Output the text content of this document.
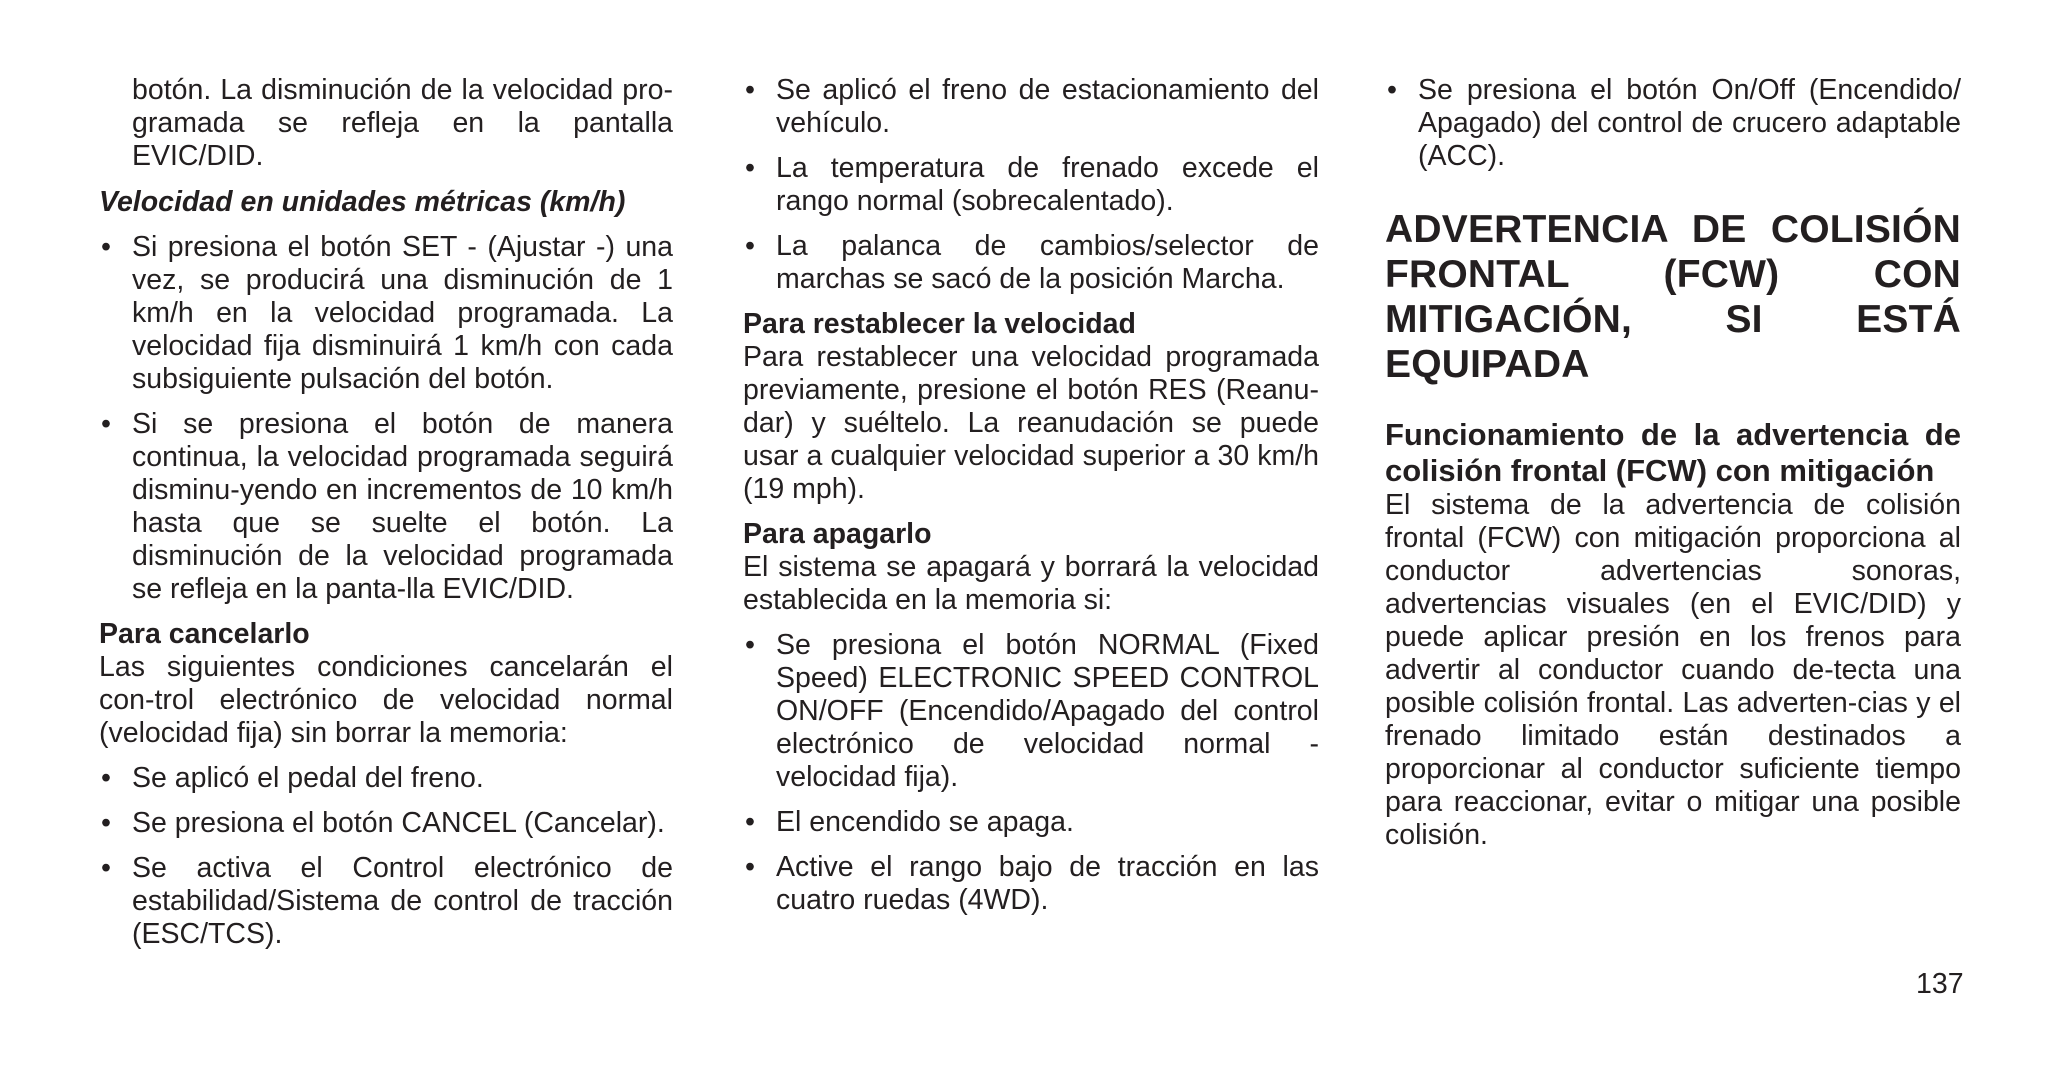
botón. La disminución de la velocidad pro-gramada se refleja en la pantalla EVIC/DID.

Velocidad en unidades métricas (km/h)

• Si presiona el botón SET - (Ajustar -) una vez, se producirá una disminución de 1 km/h en la velocidad programada. La velocidad fija disminuirá 1 km/h con cada subsiguiente pulsación del botón.

• Si se presiona el botón de manera continua, la velocidad programada seguirá disminu-yendo en incrementos de 10 km/h hasta que se suelte el botón. La disminución de la velocidad programada se refleja en la panta-lla EVIC/DID.

Para cancelarlo

Las siguientes condiciones cancelarán el con-trol electrónico de velocidad normal (velocidad fija) sin borrar la memoria:

• Se aplicó el pedal del freno.

• Se presiona el botón CANCEL (Cancelar).

• Se activa el Control electrónico de estabilidad/Sistema de control de tracción (ESC/TCS).

• Se aplicó el freno de estacionamiento del vehículo.

• La temperatura de frenado excede el rango normal (sobrecalentado).

• La palanca de cambios/selector de marchas se sacó de la posición Marcha.

Para restablecer la velocidad

Para restablecer una velocidad programada previamente, presione el botón RES (Reanu-dar) y suéltelo. La reanudación se puede usar a cualquier velocidad superior a 30 km/h (19 mph).

Para apagarlo

El sistema se apagará y borrará la velocidad establecida en la memoria si:

• Se presiona el botón NORMAL (Fixed Speed) ELECTRONIC SPEED CONTROL ON/OFF (Encendido/Apagado del control electrónico de velocidad normal - velocidad fija).

• El encendido se apaga.

• Active el rango bajo de tracción en las cuatro ruedas (4WD).

• Se presiona el botón On/Off (Encendido/ Apagado) del control de crucero adaptable (ACC).

ADVERTENCIA DE COLISIÓN FRONTAL (FCW) CON MITIGACIÓN, SI ESTÁ EQUIPADA

Funcionamiento de la advertencia de colisión frontal (FCW) con mitigación

El sistema de la advertencia de colisión frontal (FCW) con mitigación proporciona al conductor advertencias sonoras, advertencias visuales (en el EVIC/DID) y puede aplicar presión en los frenos para advertir al conductor cuando de-tecta una posible colisión frontal. Las adverten-cias y el frenado limitado están destinados a proporcionar al conductor suficiente tiempo para reaccionar, evitar o mitigar una posible colisión.

137
